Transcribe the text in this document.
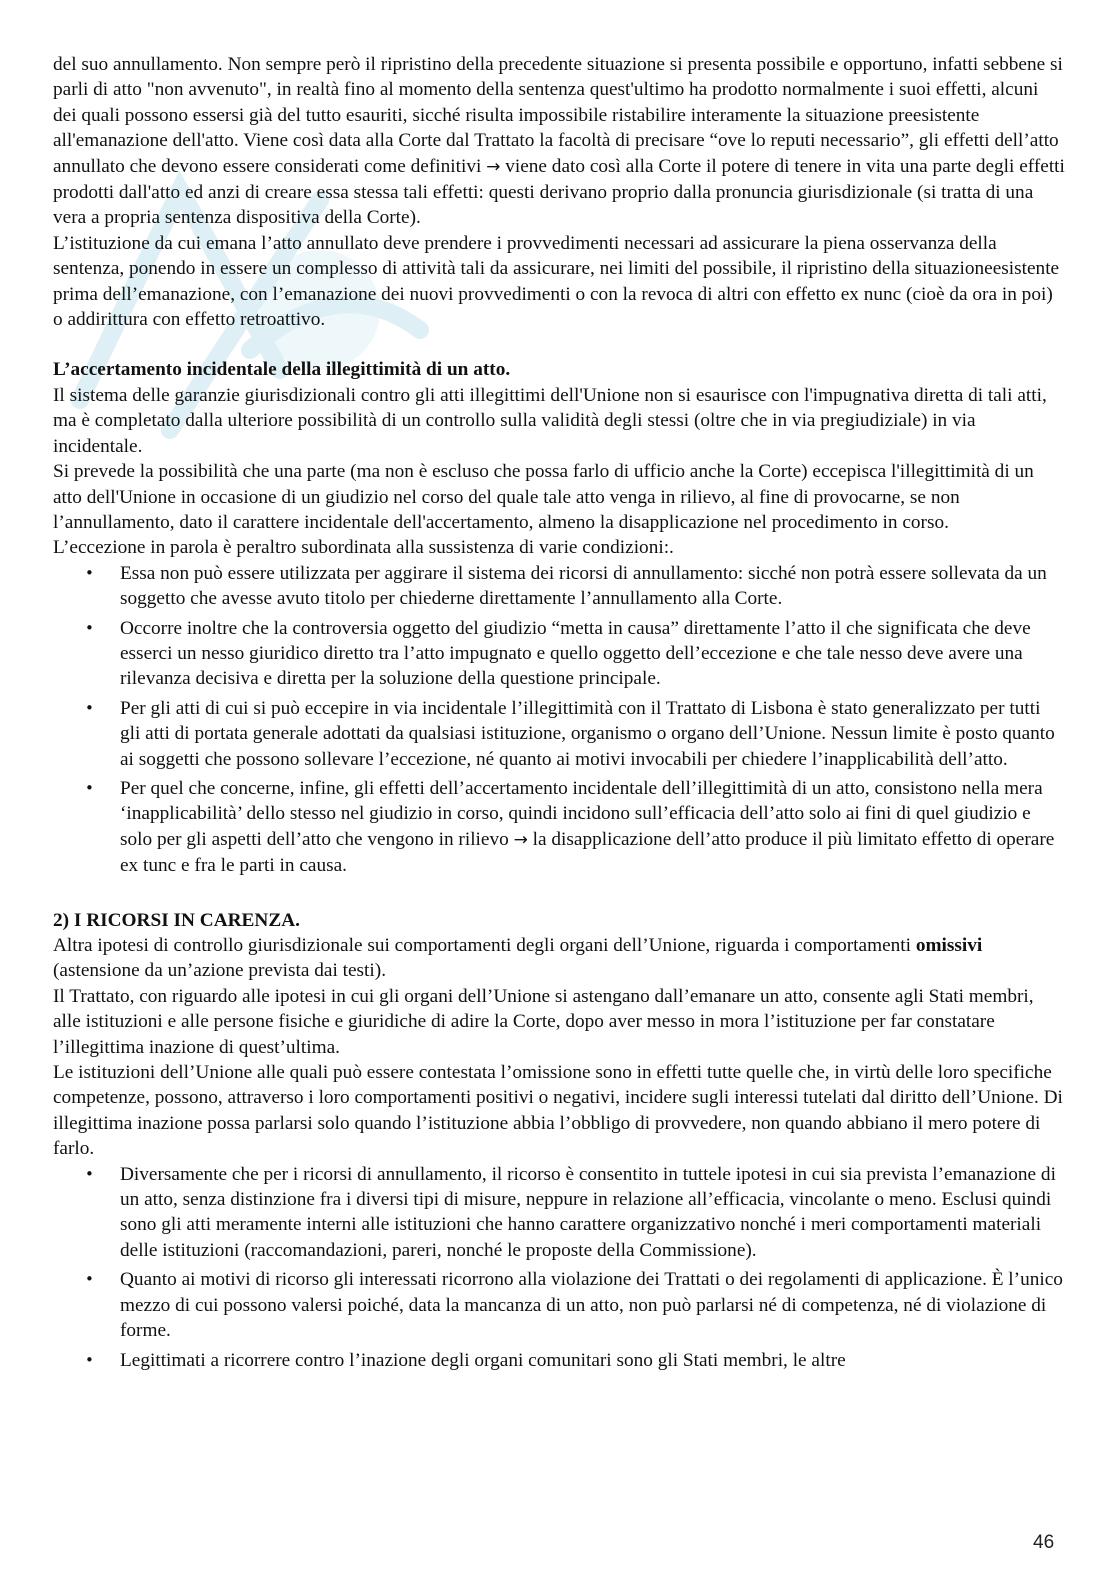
del suo annullamento. Non sempre però il ripristino della precedente situazione si presenta possibile e opportuno, infatti sebbene si parli di atto "non avvenuto", in realtà fino al momento della sentenza quest'ultimo ha prodotto normalmente i suoi effetti, alcuni dei quali possono essersi già del tutto esauriti, sicché risulta impossibile ristabilire interamente la situazione preesistente all'emanazione dell'atto. Viene così data alla Corte dal Trattato la facoltà di precisare “ove lo reputi necessario”, gli effetti dell’atto annullato che devono essere considerati come definitivi → viene dato così alla Corte il potere di tenere in vita una parte degli effetti prodotti dall'atto ed anzi di creare essa stessa tali effetti: questi derivano proprio dalla pronuncia giurisdizionale (si tratta di una vera a propria sentenza dispositiva della Corte).

L’istituzione da cui emana l’atto annullato deve prendere i provvedimenti necessari ad assicurare la piena osservanza della sentenza, ponendo in essere un complesso di attività tali da assicurare, nei limiti del possibile, il ripristino della situazioneesistente prima dell’emanazione, con l’emanazione dei nuovi provvedimenti o con la revoca di altri con effetto ex nunc (cioè da ora in poi) o addirittura con effetto retroattivo.

L’accertamento incidentale della illegittimità di un atto.

Il sistema delle garanzie giurisdizionali contro gli atti illegittimi dell'Unione non si esaurisce con l'impugnativa diretta di tali atti, ma è completato dalla ulteriore possibilità di un controllo sulla validità degli stessi (oltre che in via pregiudiziale) in via incidentale.

Si prevede la possibilità che una parte (ma non è escluso che possa farlo di ufficio anche la Corte) eccepisca l'illegittimità di un atto dell'Unione in occasione di un giudizio nel corso del quale tale atto venga in rilievo, al fine di provocarne, se non l’annullamento, dato il carattere incidentale dell'accertamento, almeno la disapplicazione nel procedimento in corso.

L’eccezione in parola è peraltro subordinata alla sussistenza di varie condizioni:.

• Essa non può essere utilizzata per aggirare il sistema dei ricorsi di annullamento: sicché non potrà essere sollevata da un soggetto che avesse avuto titolo per chiederne direttamente l’annullamento alla Corte.
• Occorre inoltre che la controversia oggetto del giudizio “metta in causa” direttamente l’atto il che significata che deve esserci un nesso giuridico diretto tra l’atto impugnato e quello oggetto dell’eccezione e che tale nesso deve avere una rilevanza decisiva e diretta per la soluzione della questione principale.
• Per gli atti di cui si può eccepire in via incidentale l’illegittimità con il Trattato di Lisbona è stato generalizzato per tutti gli atti di portata generale adottati da qualsiasi istituzione, organismo o organo dell’Unione. Nessun limite è posto quanto ai soggetti che possono sollevare l’eccezione, né quanto ai motivi invocabili per chiedere l’inapplicabilità dell’atto.
• Per quel che concerne, infine, gli effetti dell’accertamento incidentale dell’illegittimità di un atto, consistono nella mera ‘inapplicabilità’ dello stesso nel giudizio in corso, quindi incidono sull’efficacia dell’atto solo ai fini di quel giudizio e solo per gli aspetti dell’atto che vengono in rilievo → la disapplicazione dell’atto produce il più limitato effetto di operare ex tunc e fra le parti in causa.
2) I RICORSI IN CARENZA.

Altra ipotesi di controllo giurisdizionale sui comportamenti degli organi dell’Unione, riguarda i comportamenti omissivi (astensione da un’azione prevista dai testi).

Il Trattato, con riguardo alle ipotesi in cui gli organi dell’Unione si astengano dall’emanare un atto, consente agli Stati membri, alle istituzioni e alle persone fisiche e giuridiche di adire la Corte, dopo aver messo in mora l’istituzione per far constatare l’illegittima inazione di quest’ultima.

Le istituzioni dell’Unione alle quali può essere contestata l’omissione sono in effetti tutte quelle che, in virtù delle loro specifiche competenze, possono, attraverso i loro comportamenti positivi o negativi, incidere sugli interessi tutelati dal diritto dell’Unione. Di illegittima inazione possa parlarsi solo quando l’istituzione abbia l’obbligo di provvedere, non quando abbiano il mero potere di farlo.

• Diversamente che per i ricorsi di annullamento, il ricorso è consentito in tuttele ipotesi in cui sia prevista l’emanazione di un atto, senza distinzione fra i diversi tipi di misure, neppure in relazione all’efficacia, vincolante o meno. Esclusi quindi sono gli atti meramente interni alle istituzioni che hanno carattere organizzativo nonché i meri comportamenti materiali delle istituzioni (raccomandazioni, pareri, nonché le proposte della Commissione).
• Quanto ai motivi di ricorso gli interessati ricorrono alla violazione dei Trattati o dei regolamenti di applicazione. È l’unico mezzo di cui possono valersi poiché, data la mancanza di un atto, non può parlarsi né di competenza, né di violazione di forme.
• Legittimati a ricorrere contro l’inazione degli organi comunitari sono gli Stati membri, le altre
46
